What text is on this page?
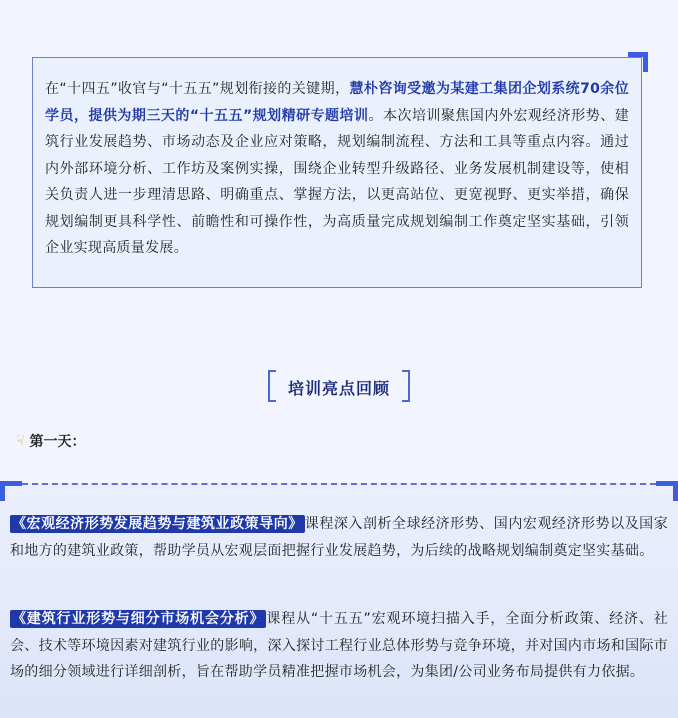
在“十四五”收官与“十五五”规划衔接的关键期，慧朴咨询受邀为某建工集团企划系统70余位学员，提供为期三天的“十五五”规划精研专题培训。本次培训聚焦国内外宏观经济形势、建筑行业发展趋势、市场动态及企业应对策略，规划编制流程、方法和工具等重点内容。通过内外部环境分析、工作坊及案例实操，围绕企业转型升级路径、业务发展机制建设等，使相关负责人进一步理清思路、明确重点、掌握方法，以更高站位、更宽视野、更实举措，确保规划编制更具科学性、前瞻性和可操作性，为高质量完成规划编制工作奠定坚实基础，引领企业实现高质量发展。

培训亮点回顾
☟ 第一天：

《宏观经济形势发展趋势与建筑业政策导向》 课程深入剖析全球经济形势、国内宏观经济形势以及国家和地方的建筑业政策，帮助学员从宏观层面把握行业发展趋势，为后续的战略规划编制奠定坚实基础。

《建筑行业形势与细分市场机会分析》 课程从“十五五”宏观环境扫描入手，全面分析政策、经济、社会、技术等环境因素对建筑行业的影响，深入探讨工程行业总体形势与竞争环境，并对国内市场和国际市场的细分领域进行详细剖析，旨在帮助学员精准把握市场机会，为集团/公司业务布局提供有力依据。
